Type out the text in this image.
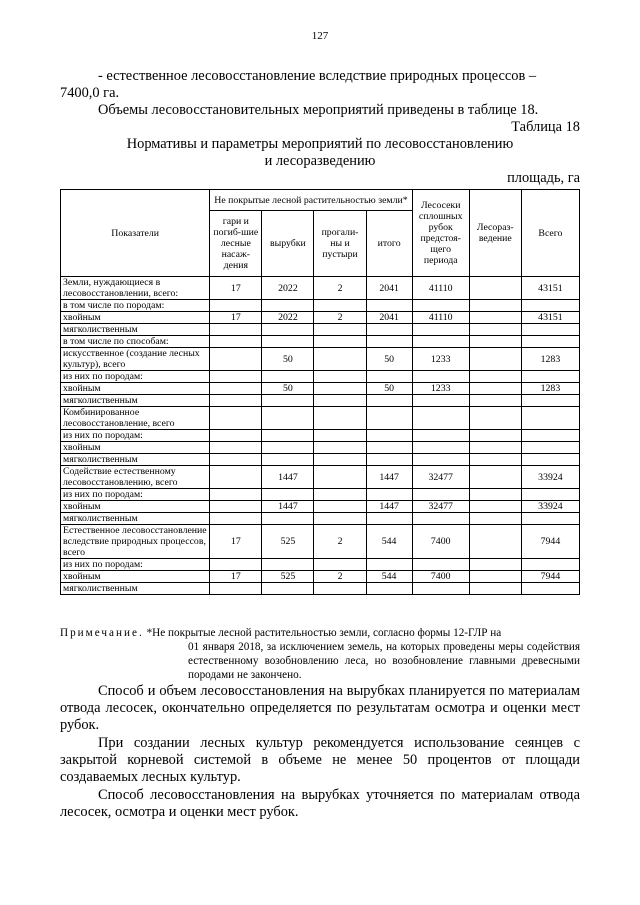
127
- естественное лесовосстановление вследствие природных процессов –
7400,0 га.
Объемы лесовосстановительных мероприятий приведены в таблице 18.
Таблица 18
Нормативы и параметры мероприятий по лесовосстановлению
и лесоразведению
площадь, га
Показатели	Не покрытые лесной растительностью земли*				Лесосеки сплошных рубок предстоя-щего периода	Лесораз-ведение	Всего
	гари и погиб-шие лесные насаж-дения	вырубки	прогали-ны и пустыри	итого			
Земли, нуждающиеся в лесовосстановлении, всего:	17	2022	2	2041	41110		43151
в том числе по породам:							
хвойным	17	2022	2	2041	41110		43151
мягколиственным							
в том числе по способам:							
искусственное (создание лесных культур), всего		50		50	1233		1283
из них по породам:							
хвойным		50		50	1233		1283
мягколиственным							
Комбинированное лесовосстановление, всего							
из них по породам:							
хвойным							
мягколиственным							
Содействие естественному лесовосстановлению, всего		1447		1447	32477		33924
из них по породам:							
хвойным		1447		1447	32477		33924
мягколиственным							
Естественное лесовосстановление вследствие природных процессов, всего	17	525	2	544	7400		7944
из них по породам:							
хвойным	17	525	2	544	7400		7944
мягколиственным							
Примечание. *Не покрытые лесной растительностью земли, согласно формы 12-ГЛР на
01 января 2018, за исключением земель, на которых проведены меры содействия естественному возобновлению леса, но возобновление главными древесными породами не закончено.
Способ и объем лесовосстановления на вырубках планируется по материалам отвода лесосек, окончательно определяется по результатам осмотра и оценки мест рубок.
При создании лесных культур рекомендуется использование сеянцев с закрытой корневой системой в объеме не менее 50 процентов от площади создаваемых лесных культур.
Способ лесовосстановления на вырубках уточняется по материалам отвода лесосек, осмотра и оценки мест рубок.
